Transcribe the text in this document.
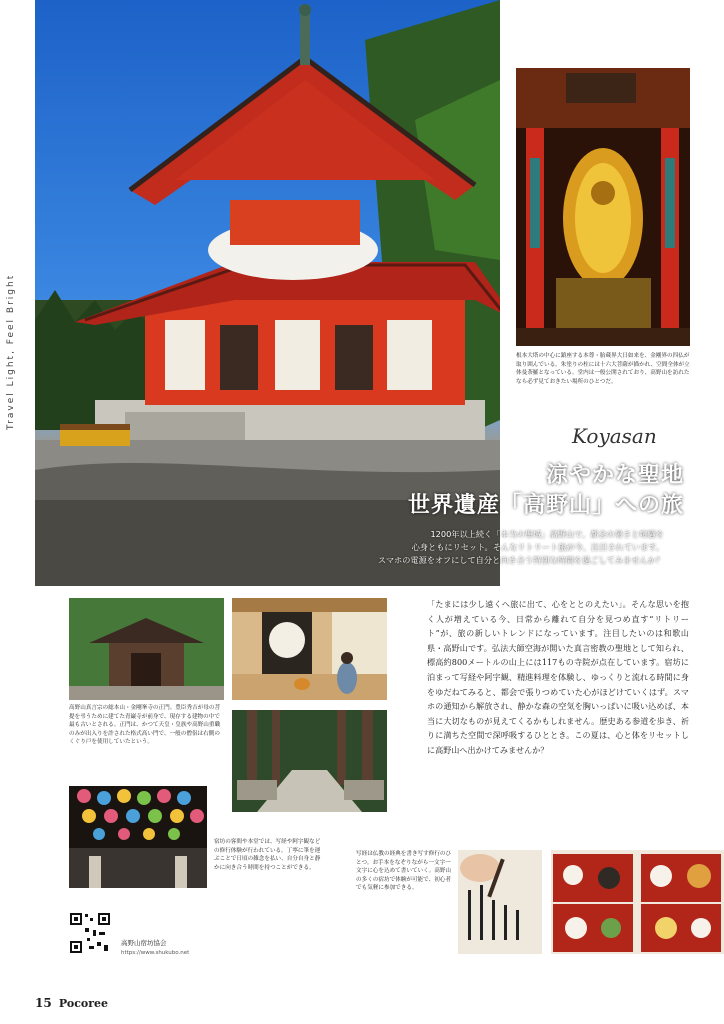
Travel Light, Feel Bright	根本大塔の中心に鎮座する本尊・胎蔵界大日如来を、金剛界の四仏が取り囲んでいる。朱塗りの柱には十六大菩薩が描かれ、空間全体が立体曼荼羅となっている。堂内は一般公開されており、高野山を訪れたなら必ず見ておきたい場所のひとつだ。
Koyasan
涼やかな聖地
世界遺産「高野山」への旅
1200年以上続く「本当の聖域」高野山で、都会の暑さと喧騒を
心身ともにリセット。そんなリトリート旅が今、注目されています。
スマホの電源をオフにして自分と向き合う特別な時間を過ごしてみませんか？
高野山真言宗の総本山・金剛峯寺の正門。豊臣秀吉が母の菩提を弔うために建てた青巌寺が前身で、現存する建物の中で最も古いとされる。正門は、かつて天皇・皇族や高野山重職のみが出入りを許された格式高い門で、一般の僧侶は右側のくぐり戸を使用していたという。
高野山宿坊協会
https://www.shukubo.net
宿坊の客間や本堂では、写経や阿字観などの修行体験が行われている。丁寧に筆を運ぶことで日頃の雑念を払い、自分自身と静かに向き合う時間を持つことができる。
写経は仏教の経典を書き写す修行のひとつ。お手本をなぞりながら一文字一文字に心を込めて書いていく。高野山の多くの宿坊で体験が可能で、初心者でも気軽に参加できる。
「たまには少し遠くへ旅に出て、心をととのえたい」。そんな思いを抱く人が増えている今、日常から離れて自分を見つめ直す“リトリート”が、旅の新しいトレンドになっています。注目したいのは和歌山県・高野山です。弘法大師空海が開いた真言密教の聖地として知られ、標高約800メートルの山上には117もの寺院が点在しています。宿坊に泊まって写経や阿字観、精進料理を体験し、ゆっくりと流れる時間に身をゆだねてみると、都会で張りつめていた心がほどけていくはず。スマホの通知から解放され、静かな森の空気を胸いっぱいに吸い込めば、本当に大切なものが見えてくるかもしれません。歴史ある参道を歩き、祈りに満ちた空間で深呼吸するひととき。この夏は、心と体をリセットしに高野山へ出かけてみませんか？
15 Pocoree
